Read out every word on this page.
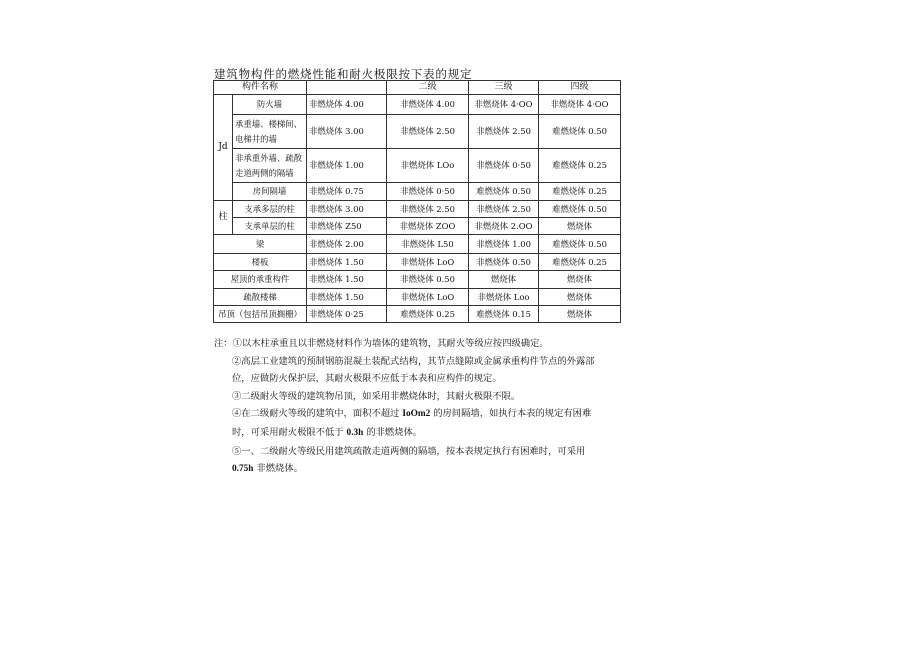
建筑物构件的燃烧性能和耐火极限按下表的规定
构件名称			二级	三级	四级
Jd	防火墙	非燃烧体 4.00	非燃烧体 4.00	非燃烧体 4·OO	非燃烧体 4·OO
	承重墙、楼梯间、电梯井的墙	非燃烧体 3.00	非燃烧体 2.50	非燃烧体 2.50	难燃烧体 0.50
	非承重外墙、疏散走道两侧的隔墙	非燃烧体 1.00	非燃烧体 LOo	非燃烧体 0·50	难燃烧体 0.25
	房间隔墙	非燃烧体 0.75	非燃烧体 0·50	难燃烧体 0.50	难燃烧体 0.25
柱	支承多层的柱	非燃烧体 3.00	非燃烧体 2.50	非燃烧体 2.50	难燃烧体 0.50
	支承单层的柱	非燃烧体 Z50	非燃烧体 ZOO	非燃烧体 2.OO	燃烧体
梁		非燃烧体 2.00	非燃烧体 L50	非燃烧体 1.00	难燃烧体 0.50
楼板		非燃烧体 1.50	非燃烧体 LoO	非燃烧体 0.50	难燃烧体 0.25
屋顶的承重构件		非燃烧体 1.50	非燃烧体 0.50	燃烧体	燃烧体
疏散楼梯		非燃烧体 1.50	非燃烧体 LoO	非燃烧体 Loo	燃烧体
吊顶（包括吊顶搁栅）		非燃烧体 0·25	难燃烧体 0.25	难燃烧体 0.15	燃烧体

注：①以木柱承重且以非燃烧材料作为墙体的建筑物，其耐火等级应按四级确定。

②高层工业建筑的预制钢筋混凝土装配式结构，其节点缝隙或金属承重构件节点的外露部位，应做防火保护层，其耐火极限不应低于本表和应构件的规定。

③二级耐火等级的建筑物吊顶，如采用非燃烧体时，其耐火极限不限。

④在二级耐火等级的建筑中，面积不超过 IoOm2 的房间隔墙，如执行本表的规定有困难时，可采用耐火极限不低于 0.3h 的非燃烧体。

⑤一、二级耐火等级民用建筑疏散走道两侧的隔墙，按本表规定执行有困难时，可采用 0.75h 非燃烧体。
